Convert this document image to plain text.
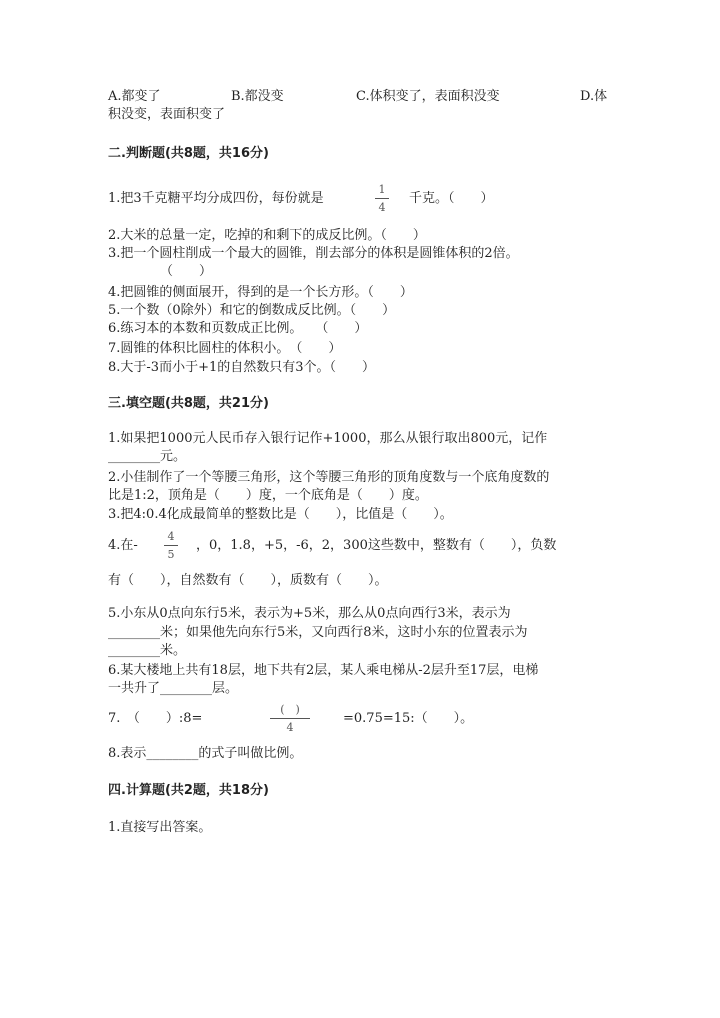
A.都变了	B.都没变	C.体积变了，表面积没变	D.体
积没变，表面积变了
二.判断题(共8题，共16分)
1.把3千克糖平均分成四份，每份就是
1
4
千克。（　　）
2.大米的总量一定，吃掉的和剩下的成反比例。（　　）
3.把一个圆柱削成一个最大的圆锥，削去部分的体积是圆锥体积的2倍。
（　　）
4.把圆锥的侧面展开，得到的是一个长方形。（　　）
5.一个数（0除外）和它的倒数成反比例。（　　）
6.练习本的本数和页数成正比例。　　（　　）
7.圆锥的体积比圆柱的体积小。　（　　）
8.大于-3而小于+1的自然数只有3个。（　　）
三.填空题(共8题，共21分)
1.如果把1000元人民币存入银行记作+1000，那么从银行取出800元，记作
________元。
2.小佳制作了一个等腰三角形，这个等腰三角形的顶角度数与一个底角度数的
比是1:2，顶角是（　　）度，一个底角是（　　）度。
3.把4:0.4化成最简单的整数比是（　　），比值是（　　）。
4.在-
4
5
，0，1.8，+5，-6，2，300这些数中，整数有（　　），负数
有（　　），自然数有（　　），质数有（　　）。
5.小东从0点向东行5米，表示为+5米，那么从0点向西行3米，表示为
________米；如果他先向东行5米，又向西行8米，这时小东的位置表示为
________米。
6.某大楼地上共有18层，地下共有2层，某人乘电梯从-2层升至17层，电梯
一共升了________层。
7.　（　　）:8=
(　)
4
=0.75=15:（　　）。
8.表示________的式子叫做比例。
四.计算题(共2题，共18分)
1.直接写出答案。
